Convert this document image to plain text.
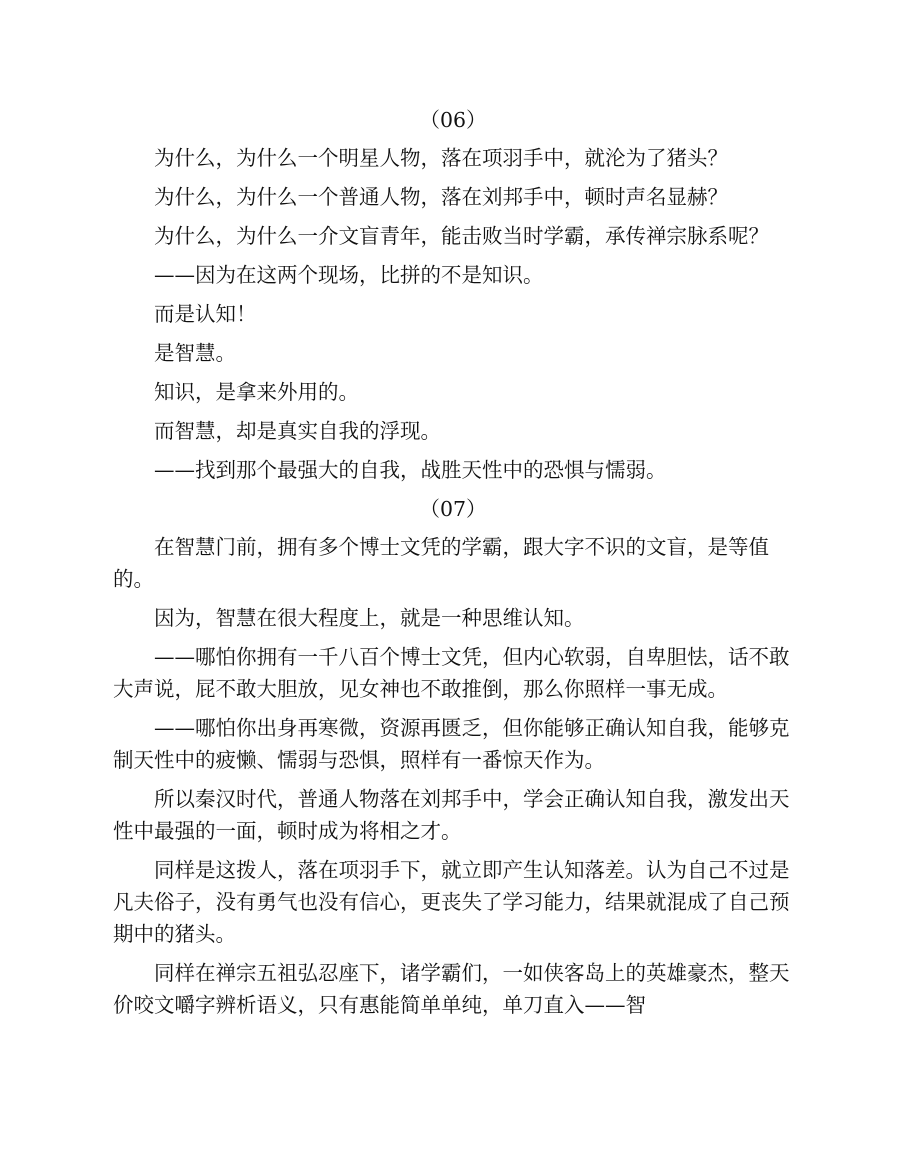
（06）

为什么，为什么一个明星人物，落在项羽手中，就沦为了猪头？

为什么，为什么一个普通人物，落在刘邦手中，顿时声名显赫？

为什么，为什么一介文盲青年，能击败当时学霸，承传禅宗脉系呢？

——因为在这两个现场，比拼的不是知识。

而是认知！

是智慧。

知识，是拿来外用的。

而智慧，却是真实自我的浮现。

——找到那个最强大的自我，战胜天性中的恐惧与懦弱。

（07）

在智慧门前，拥有多个博士文凭的学霸，跟大字不识的文盲，是等值的。

因为，智慧在很大程度上，就是一种思维认知。

——哪怕你拥有一千八百个博士文凭，但内心软弱，自卑胆怯，话不敢大声说，屁不敢大胆放，见女神也不敢推倒，那么你照样一事无成。

——哪怕你出身再寒微，资源再匮乏，但你能够正确认知自我，能够克制天性中的疲懒、懦弱与恐惧，照样有一番惊天作为。

所以秦汉时代，普通人物落在刘邦手中，学会正确认知自我，激发出天性中最强的一面，顿时成为将相之才。

同样是这拨人，落在项羽手下，就立即产生认知落差。认为自己不过是凡夫俗子，没有勇气也没有信心，更丧失了学习能力，结果就混成了自己预期中的猪头。

同样在禅宗五祖弘忍座下，诸学霸们，一如侠客岛上的英雄豪杰，整天价咬文嚼字辨析语义，只有惠能简单单纯，单刀直入——智
